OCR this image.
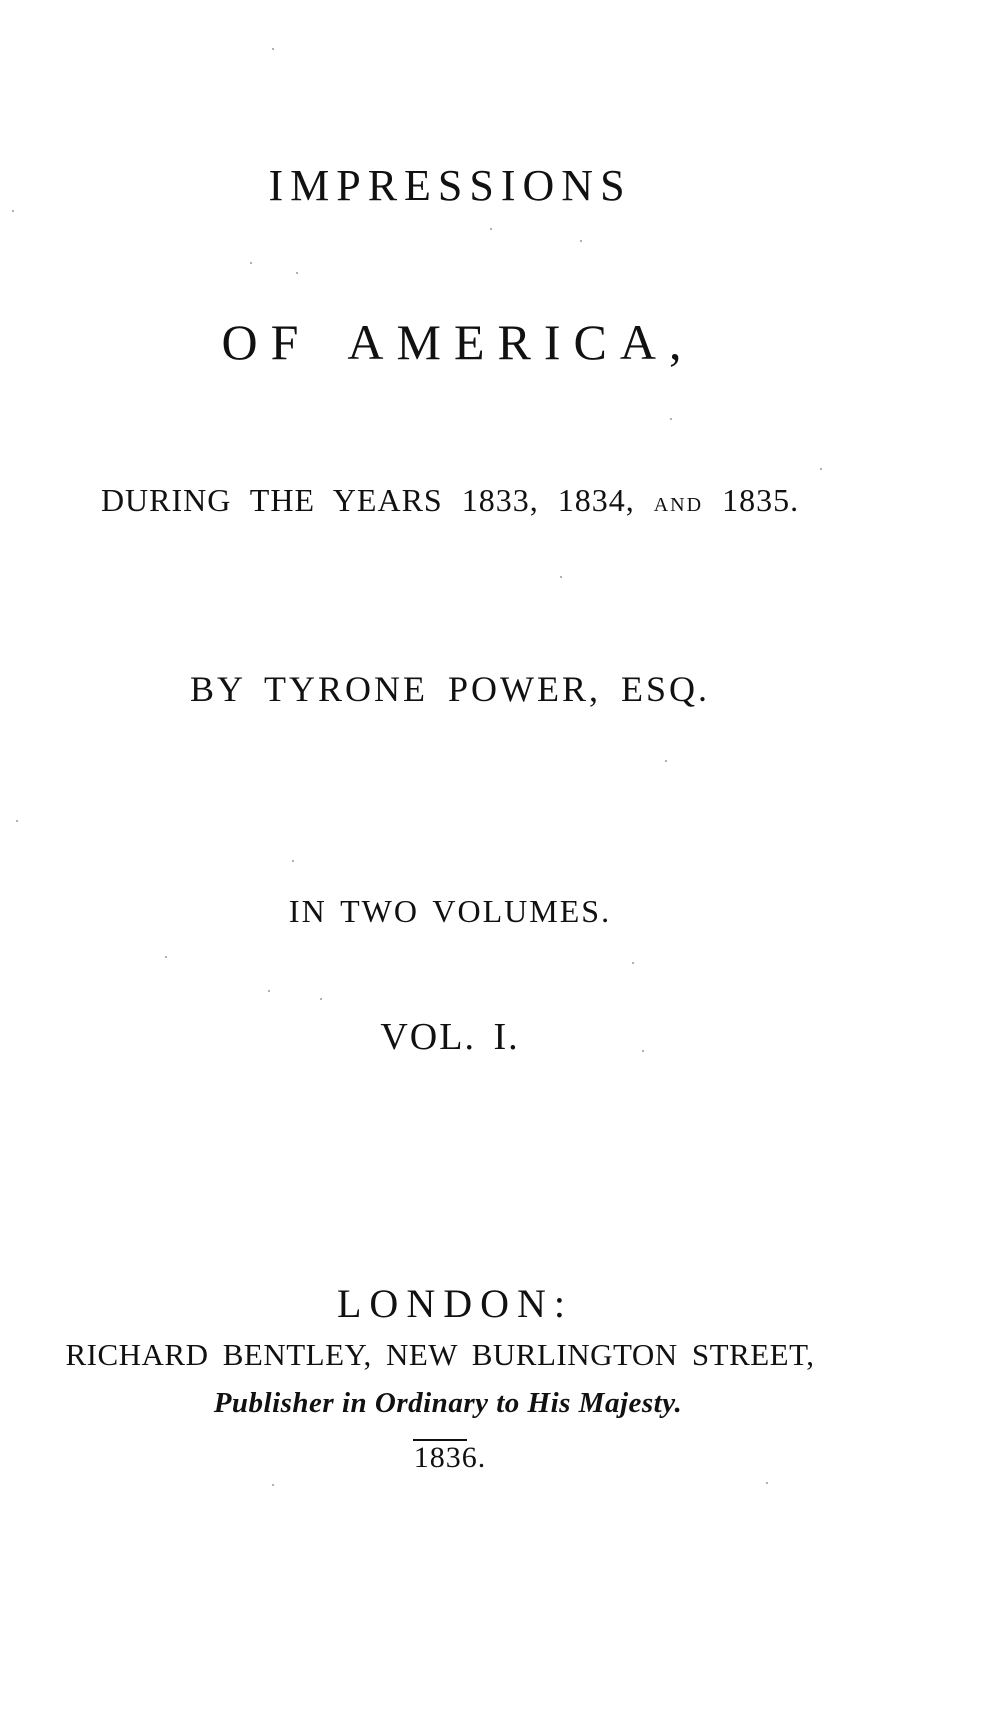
IMPRESSIONS
OF AMERICA,

DURING THE YEARS 1833, 1834, AND 1835.

BY TYRONE POWER, ESQ.

IN TWO VOLUMES.

VOL. I.

LONDON:

RICHARD BENTLEY, NEW BURLINGTON STREET,

Publisher in Ordinary to His Majesty.

1836.
